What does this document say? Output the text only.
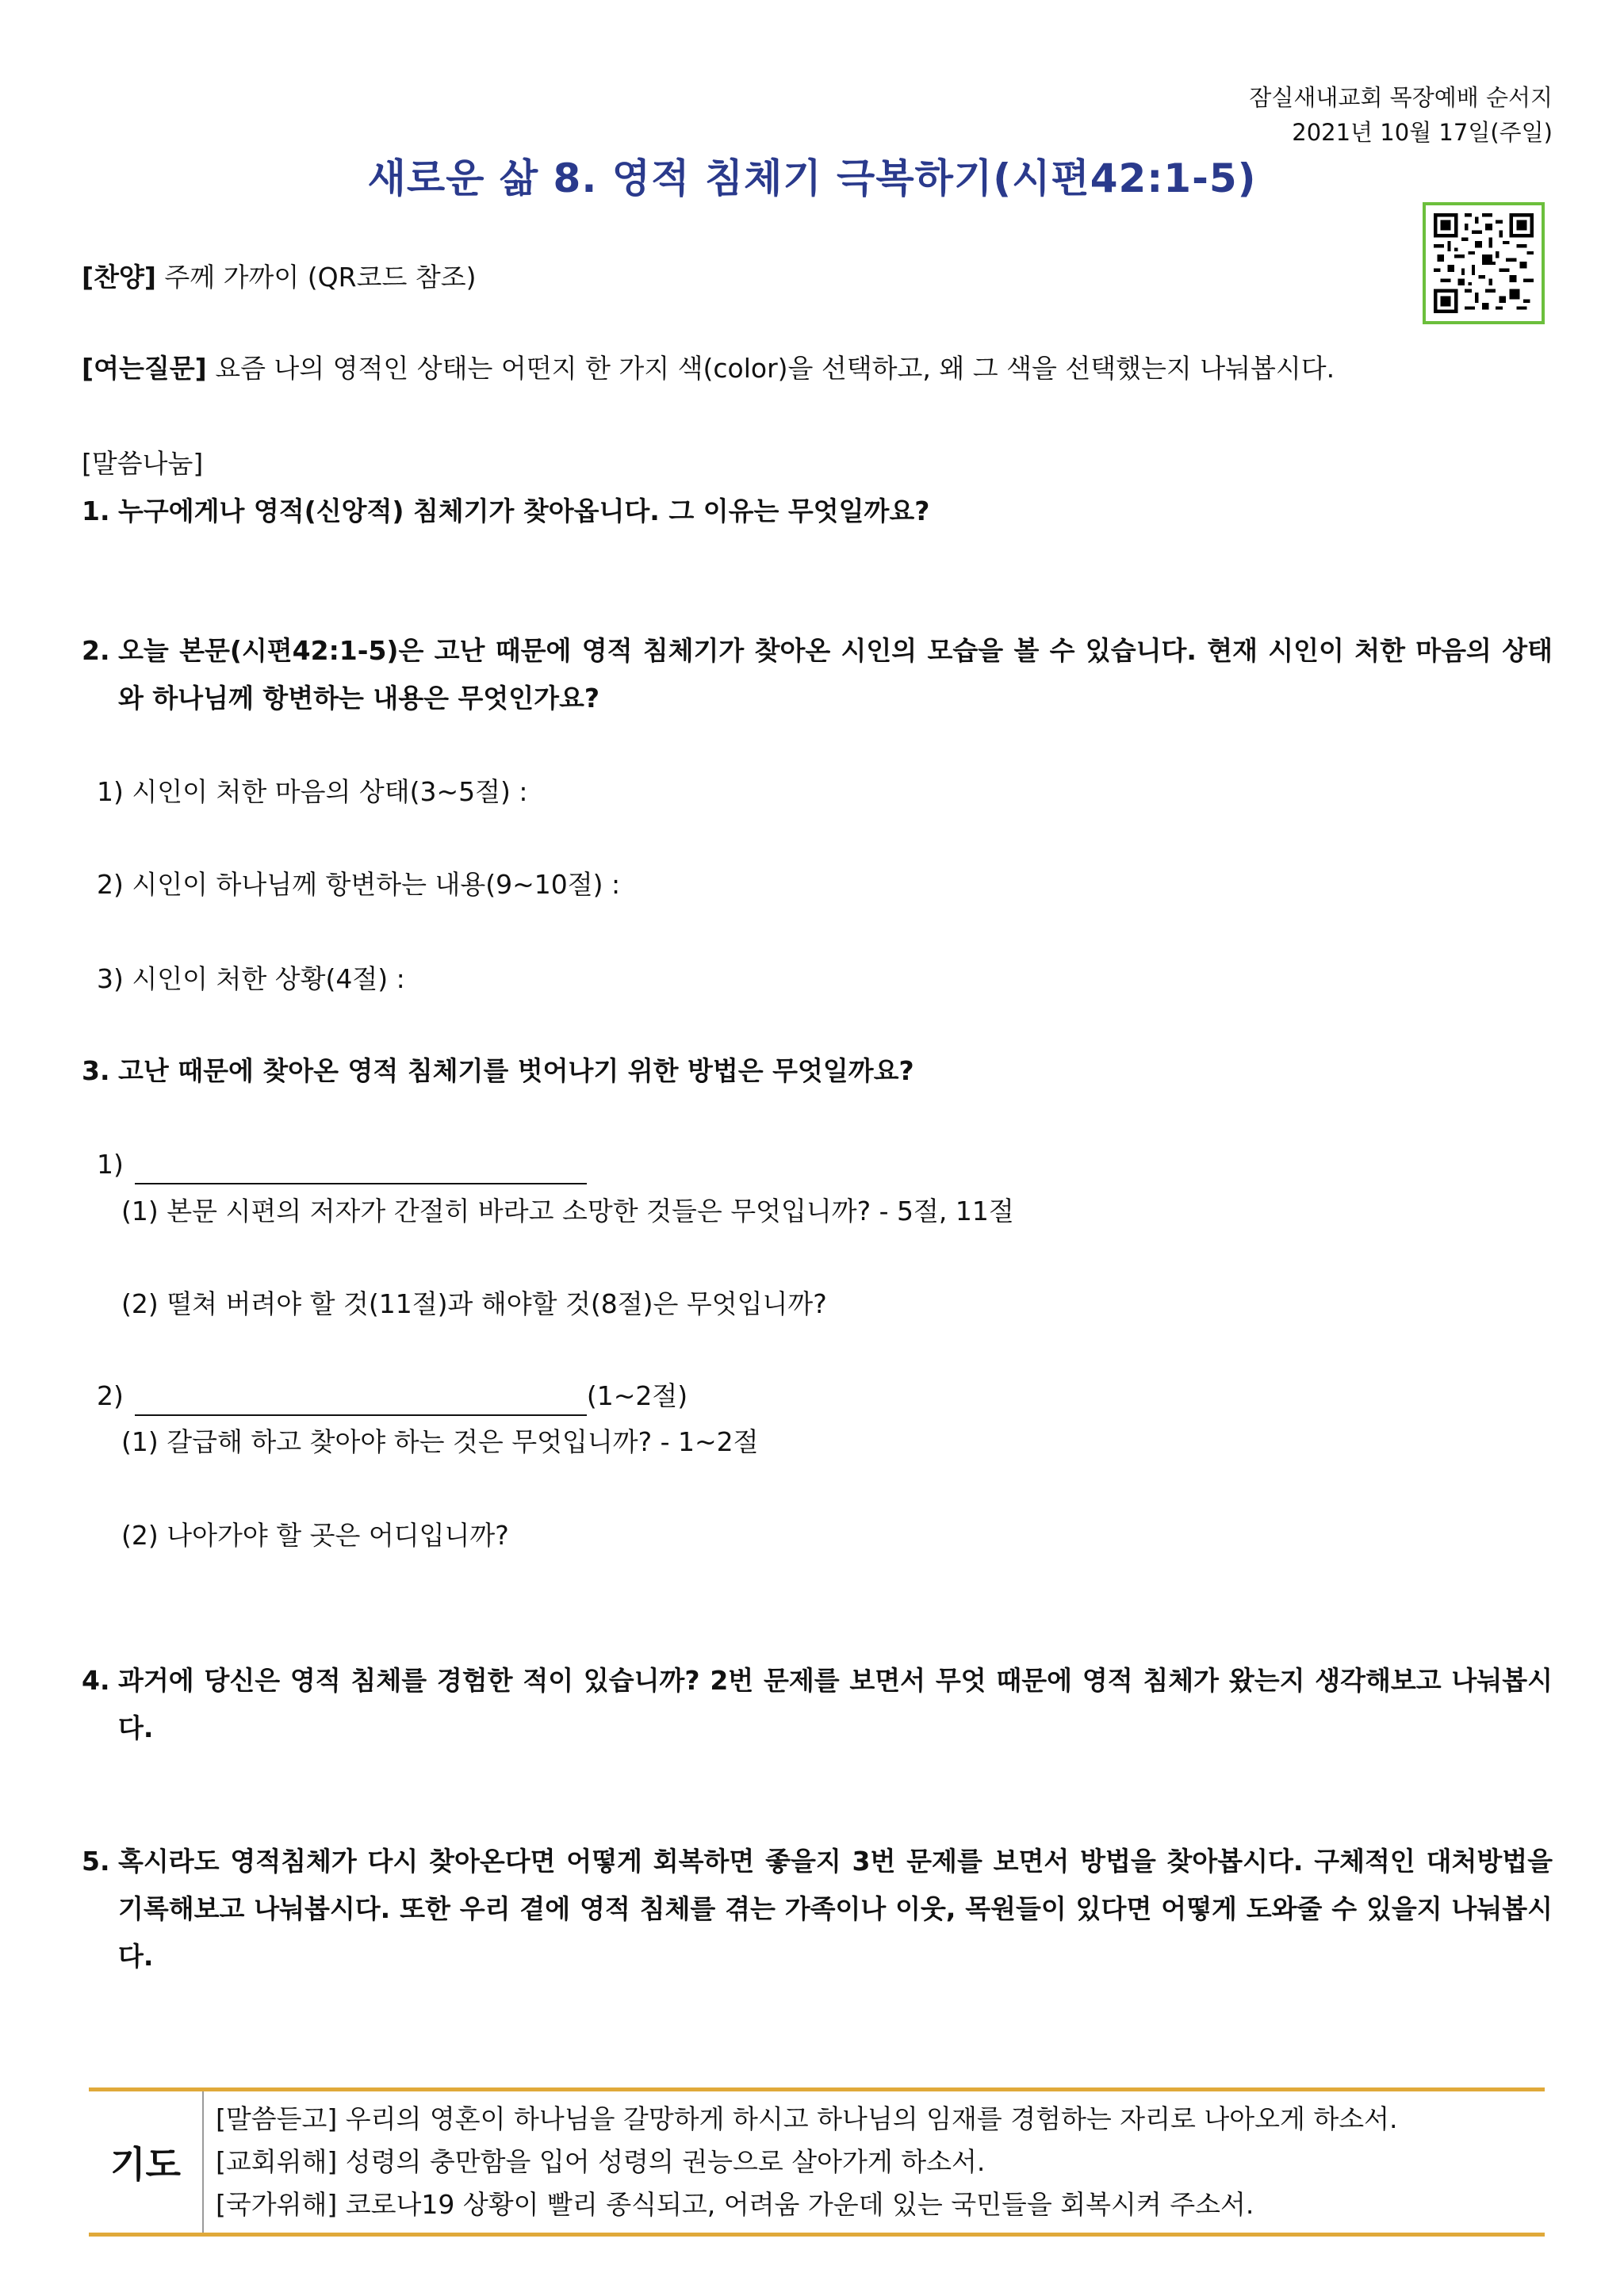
잠실새내교회 목장예배 순서지
2021년 10월 17일(주일)
새로운 삶 8. 영적 침체기 극복하기(시편42:1-5)
[찬양] 주께 가까이 (QR코드 참조)
[여는질문] 요즘 나의 영적인 상태는 어떤지 한 가지 색(color)을 선택하고, 왜 그 색을 선택했는지 나눠봅시다.
[말씀나눔]
1. 누구에게나 영적(신앙적) 침체기가 찾아옵니다. 그 이유는 무엇일까요?
2. 오늘 본문(시편42:1-5)은 고난 때문에 영적 침체기가 찾아온 시인의 모습을 볼 수 있습니다. 현재 시인이 처한 마음의 상태와 하나님께 항변하는 내용은 무엇인가요?
1) 시인이 처한 마음의 상태(3~5절) :
2) 시인이 하나님께 항변하는 내용(9~10절) :
3) 시인이 처한 상황(4절) :
3. 고난 때문에 찾아온 영적 침체기를 벗어나기 위한 방법은 무엇일까요?
1)
(1) 본문 시편의 저자가 간절히 바라고 소망한 것들은 무엇입니까? - 5절, 11절
(2) 떨쳐 버려야 할 것(11절)과 해야할 것(8절)은 무엇입니까?
2)	(1~2절)
(1) 갈급해 하고 찾아야 하는 것은 무엇입니까? - 1~2절
(2) 나아가야 할 곳은 어디입니까?
4. 과거에 당신은 영적 침체를 경험한 적이 있습니까? 2번 문제를 보면서 무엇 때문에 영적 침체가 왔는지 생각해보고 나눠봅시다.
5. 혹시라도 영적침체가 다시 찾아온다면 어떻게 회복하면 좋을지 3번 문제를 보면서 방법을 찾아봅시다. 구체적인 대처방법을 기록해보고 나눠봅시다. 또한 우리 곁에 영적 침체를 겪는 가족이나 이웃, 목원들이 있다면 어떻게 도와줄 수 있을지 나눠봅시다.
기도
[말씀듣고] 우리의 영혼이 하나님을 갈망하게 하시고 하나님의 임재를 경험하는 자리로 나아오게 하소서.
[교회위해] 성령의 충만함을 입어 성령의 권능으로 살아가게 하소서.
[국가위해] 코로나19 상황이 빨리 종식되고, 어려움 가운데 있는 국민들을 회복시켜 주소서.
